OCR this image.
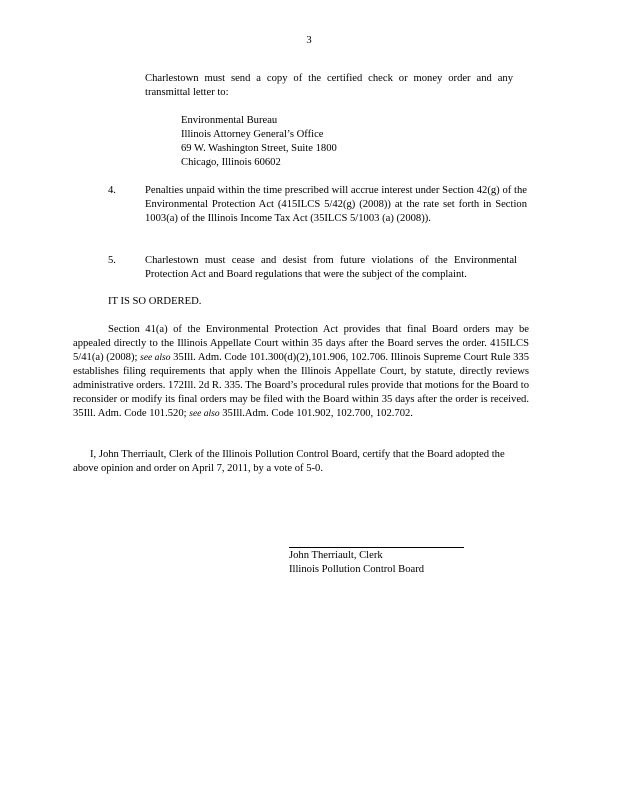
3
Charlestown must send a copy of the certified check or money order and any transmittal letter to:
Environmental Bureau
Illinois Attorney General’s Office
69 W. Washington Street, Suite 1800
Chicago, Illinois 60602
4.	Penalties unpaid within the time prescribed will accrue interest under Section 42(g) of the Environmental Protection Act (415ILCS 5/42(g) (2008)) at the rate set forth in Section 1003(a) of the Illinois Income Tax Act (35ILCS 5/1003 (a) (2008)).
5.	Charlestown must cease and desist from future violations of the Environmental Protection Act and Board regulations that were the subject of the complaint.
IT IS SO ORDERED.
Section 41(a) of the Environmental Protection Act provides that final Board orders may be appealed directly to the Illinois Appellate Court within 35 days after the Board serves the order. 415ILCS 5/41(a) (2008); see also 35Ill. Adm. Code 101.300(d)(2),101.906, 102.706. Illinois Supreme Court Rule 335 establishes filing requirements that apply when the Illinois Appellate Court, by statute, directly reviews administrative orders. 172Ill. 2d R. 335. The Board’s procedural rules provide that motions for the Board to reconsider or modify its final orders may be filed with the Board within 35 days after the order is received. 35Ill. Adm. Code 101.520; see also 35Ill.Adm. Code 101.902, 102.700, 102.702.
I, John Therriault, Clerk of the Illinois Pollution Control Board, certify that the Board adopted the above opinion and order on April 7, 2011, by a vote of 5-0.
John Therriault, Clerk
Illinois Pollution Control Board
